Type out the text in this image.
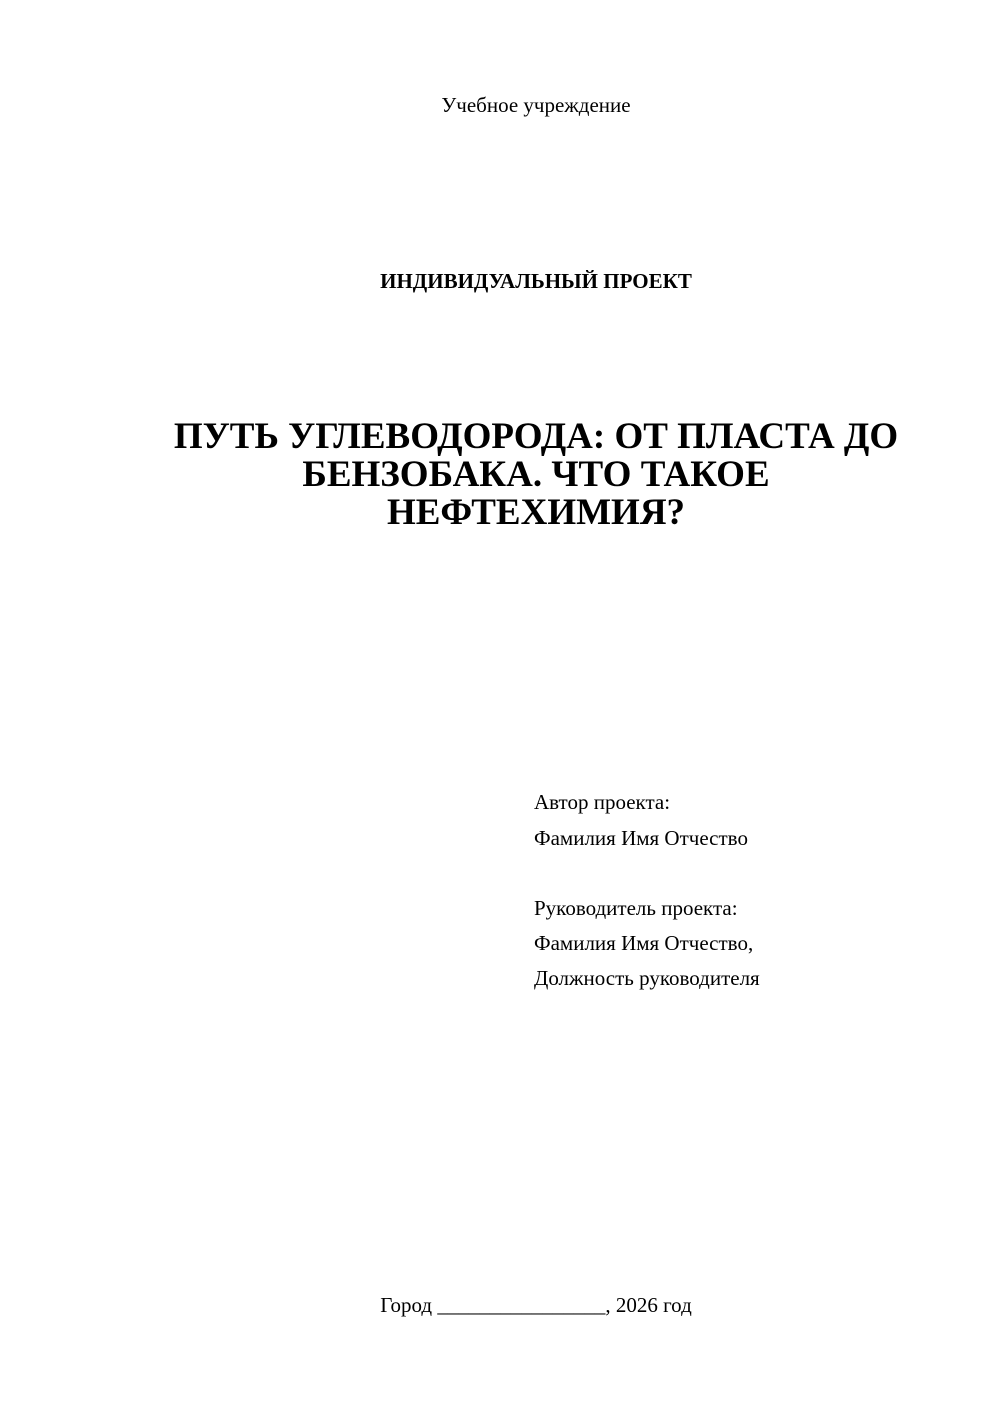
Учебное учреждение
ИНДИВИДУАЛЬНЫЙ ПРОЕКТ
ПУТЬ УГЛЕВОДОРОДА: ОТ ПЛАСТА ДО
БЕНЗОБАКА. ЧТО ТАКОЕ
НЕФТЕХИМИЯ?
Автор проекта:
Фамилия Имя Отчество
Руководитель проекта:
Фамилия Имя Отчество,
Должность руководителя
Город ________________, 2026 год
